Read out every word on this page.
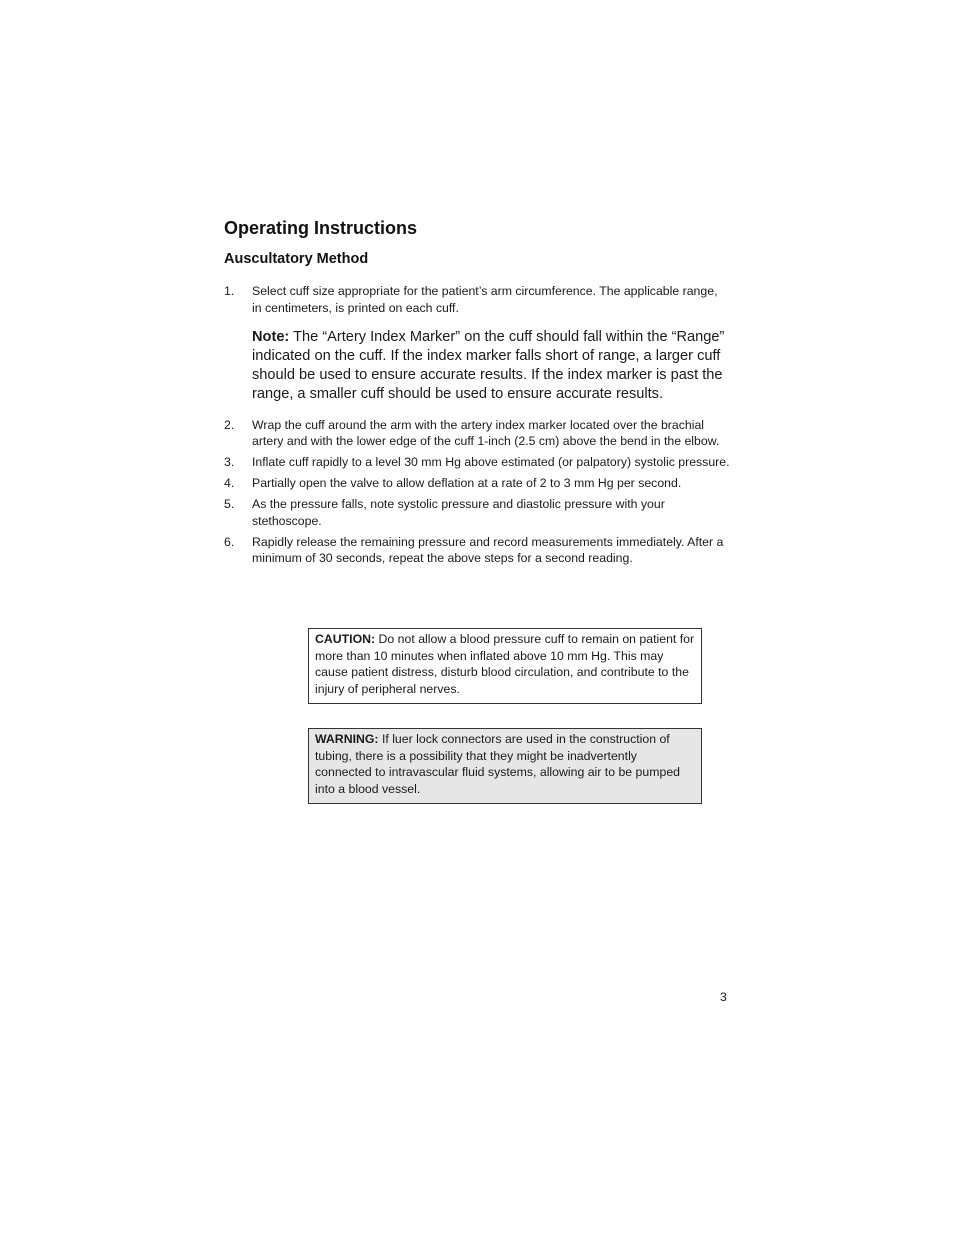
Operating Instructions
Auscultatory Method
1.	Select cuff size appropriate for the patient’s arm circumference. The applicable range, in centimeters, is printed on each cuff.
Note: The “Artery Index Marker” on the cuff should fall within the “Range” indicated on the cuff. If the index marker falls short of range, a larger cuff should be used to ensure accurate results. If the index marker is past the range, a smaller cuff should be used to ensure accurate results.
2.	Wrap the cuff around the arm with the artery index marker located over the brachial artery and with the lower edge of the cuff 1-inch (2.5 cm) above the bend in the elbow.
3.	Inflate cuff rapidly to a level 30 mm Hg above estimated (or palpatory) systolic pressure.
4.	Partially open the valve to allow deflation at a rate of 2 to 3 mm Hg per second.
5.	As the pressure falls, note systolic pressure and diastolic pressure with your stethoscope.
6.	Rapidly release the remaining pressure and record measurements immediately. After a minimum of 30 seconds, repeat the above steps for a second reading.
CAUTION: Do not allow a blood pressure cuff to remain on patient for more than 10 minutes when inflated above 10 mm Hg. This may cause patient distress, disturb blood circulation, and contribute to the injury of peripheral nerves.
WARNING: If luer lock connectors are used in the construction of tubing, there is a possibility that they might be inadvertently connected to intravascular fluid systems, allowing air to be pumped into a blood vessel.
3
